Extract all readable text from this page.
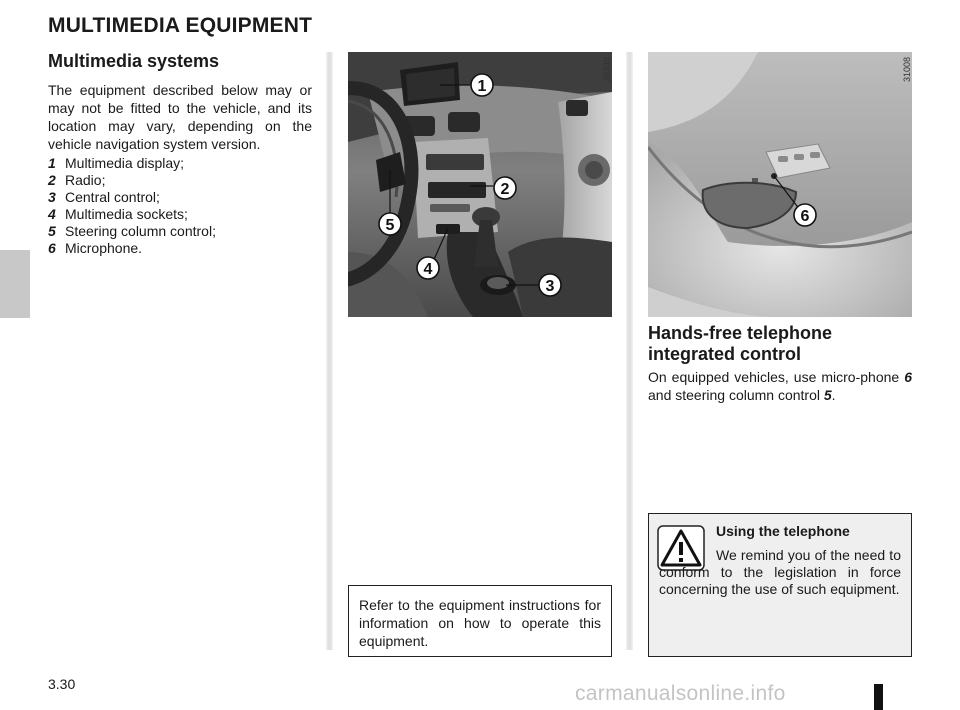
MULTIMEDIA EQUIPMENT
Multimedia systems
The equipment described below may or may not be fitted to the vehicle, and its location may vary, depending on the vehicle navigation system version.
1 Multimedia display;
2 Radio;
3 Central control;
4 Multimedia sockets;
5 Steering column control;
6 Microphone.
1
2
3
4
5
38348
6
31008
Refer to the equipment instructions for information on how to operate this equipment.
Hands-free telephone
integrated control
On equipped vehicles, use micro-phone 6 and steering column control 5.
Using the telephone
We remind you of the need to conform to the legislation in force concerning the use of such equipment.
3.30	carmanualsonline.info
